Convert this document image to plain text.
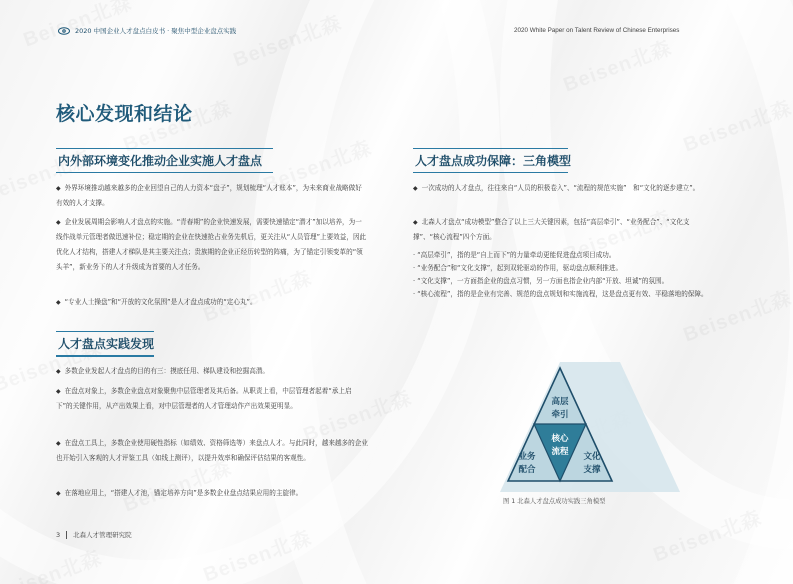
2020 中国企业人才盘点白皮书 · 聚焦中型企业盘点实践	2020 White Paper on Talent Review of Chinese Enterprises
核心发现和结论
内外部环境变化推动企业实施人才盘点
◆ 外界环境推动越来越多的企业回望自己的人力资本“盘子”，规划梳理“人才账本”，为未来商业战略做好有效的人才支撑。
◆ 企业发展周期会影响人才盘点的实施。“青春期”的企业快速发展，需要快速锚定“潜才”加以培养，为一线作战单元管理者做迅速补位；稳定期的企业在快速抢占业务先机后，更关注从“人员管理”上要效益，因此优化人才结构，搭建人才梯队是其主要关注点；贵族期的企业正经历转型的阵痛，为了锚定引领变革的“领头羊”，新业务下的人才升级成为首要的人才任务。
◆ “专业人士操盘”和“开放的文化氛围”是人才盘点成功的“定心丸”。
人才盘点实践发现
◆ 多数企业发起人才盘点的目的有三：摸底任用、梯队建设和挖掘高潜。
◆ 在盘点对象上，多数企业盘点对象聚焦中层管理者及其后备。从职责上看，中层管理者起着“承上启下”的关键作用，从产出效果上看，对中层管理者的人才管理动作产出效果更明显。
◆ 在盘点工具上，多数企业使用硬性指标（如绩效、资格筛选等）来盘点人才。与此同时，越来越多的企业也开始引入客观的人才评鉴工具（如线上测评），以提升效率和确保评估结果的客观性。
◆ 在落地应用上，“搭建人才池，锚定培养方向”是多数企业盘点结果应用的主旋律。
3 北森人才管理研究院
人才盘点成功保障：三角模型
◆ 一次成功的人才盘点，往往来自“人员的积极卷入”、“流程的规范实施”　和“文化的逐步建立”。
◆ 北森人才盘点“成功模型”整合了以上三大关键因素，包括“高层牵引”、“业务配合”、“文化支撑”、“核心流程”四个方面。
· “高层牵引”，指的是“自上而下”的力量牵动更能促进盘点项目成功。
· “业务配合”和“文化支撑”，起到双轮驱动的作用，驱动盘点顺利推进。
· “文化支撑”，一方面指企业的盘点习惯，另一方面也指企业内部“开放、坦诚”的氛围。
· “核心流程”，指的是企业有完善、规范的盘点规划和实施流程，这是盘点更有效、平稳落地的保障。
高层
牵引
核心
流程
业务
配合
文化
支撑
图 1 北森人才盘点成功实践三角模型
